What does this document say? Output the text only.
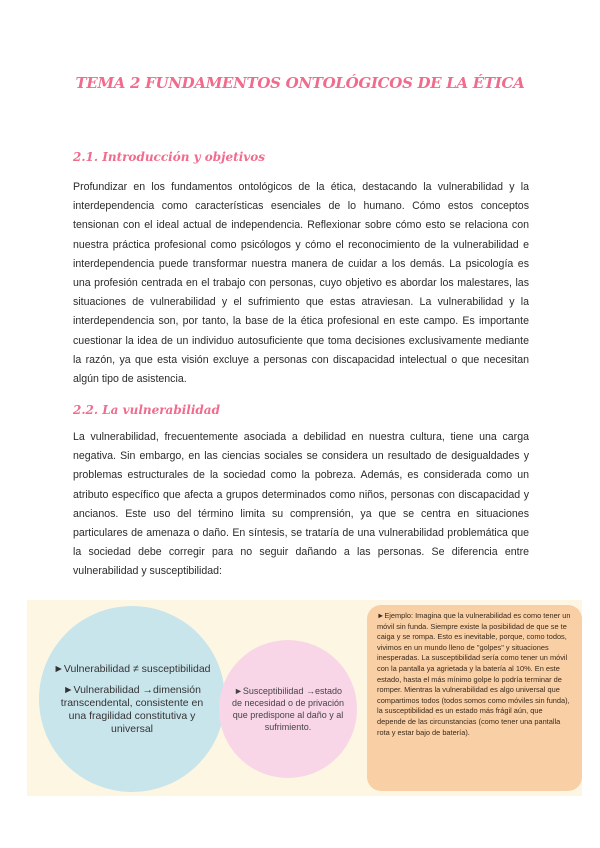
TEMA 2 FUNDAMENTOS ONTOLÓGICOS DE LA ÉTICA
2.1. Introducción y objetivos

Profundizar en los fundamentos ontológicos de la ética, destacando la vulnerabilidad y la interdependencia como características esenciales de lo humano. Cómo estos conceptos tensionan con el ideal actual de independencia. Reflexionar sobre cómo esto se relaciona con nuestra práctica profesional como psicólogos y cómo el reconocimiento de la vulnerabilidad e interdependencia puede transformar nuestra manera de cuidar a los demás. La psicología es una profesión centrada en el trabajo con personas, cuyo objetivo es abordar los malestares, las situaciones de vulnerabilidad y el sufrimiento que estas atraviesan. La vulnerabilidad y la interdependencia son, por tanto, la base de la ética profesional en este campo. Es importante cuestionar la idea de un individuo autosuficiente que toma decisiones exclusivamente mediante la razón, ya que esta visión excluye a personas con discapacidad intelectual o que necesitan algún tipo de asistencia.

2.2. La vulnerabilidad

La vulnerabilidad, frecuentemente asociada a debilidad en nuestra cultura, tiene una carga negativa. Sin embargo, en las ciencias sociales se considera un resultado de desigualdades y problemas estructurales de la sociedad como la pobreza. Además, es considerada como un atributo específico que afecta a grupos determinados como niños, personas con discapacidad y ancianos. Este uso del término limita su comprensión, ya que se centra en situaciones particulares de amenaza o daño. En síntesis, se trataría de una vulnerabilidad problemática que la sociedad debe corregir para no seguir dañando a las personas. Se diferencia entre vulnerabilidad y susceptibilidad:

►Vulnerabilidad ≠ susceptibilidad

►Vulnerabilidad →dimensión transcendental, consistente en una fragilidad constitutiva y universal

►Susceptibilidad →estado de necesidad o de privación que predispone al daño y al sufrimiento.

►Ejemplo: Imagina que la vulnerabilidad es como tener un móvil sin funda. Siempre existe la posibilidad de que se te caiga y se rompa. Esto es inevitable, porque, como todos, vivimos en un mundo lleno de "golpes" y situaciones inesperadas. La susceptibilidad sería como tener un móvil con la pantalla ya agrietada y la batería al 10%. En este estado, hasta el más mínimo golpe lo podría terminar de romper. Mientras la vulnerabilidad es algo universal que compartimos todos (todos somos como móviles sin funda), la susceptibilidad es un estado más frágil aún, que depende de las circunstancias (como tener una pantalla rota y estar bajo de batería).
